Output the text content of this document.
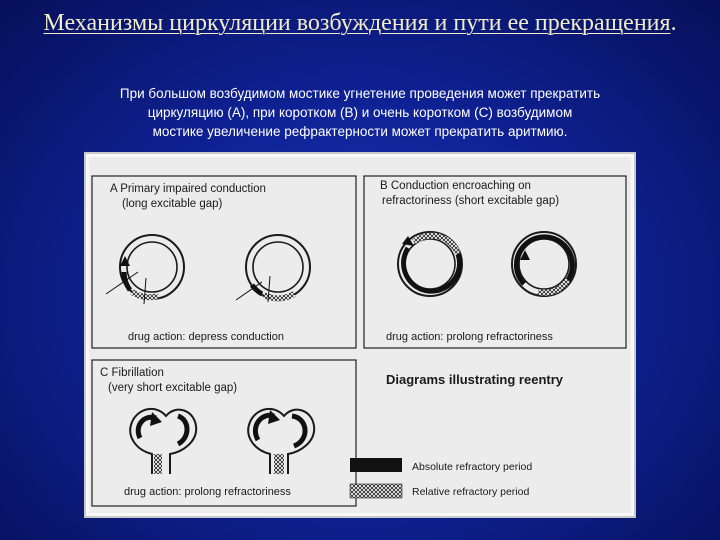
Механизмы циркуляции возбуждения и пути ее прекращения.
При большом возбудимом мостике угнетение проведения может прекратить
циркуляцию (А), при коротком (В) и очень коротком (С) возбудимом
мостике увеличение рефрактерности может прекратить аритмию.
A Primary impaired conduction
(long excitable gap)
drug action: depress conduction
B Conduction encroaching on
refractoriness (short excitable gap)
drug action: prolong refractoriness
C Fibrillation
(very short excitable gap)
drug action: prolong refractoriness
Diagrams illustrating reentry
Absolute refractory period
Relative refractory period
